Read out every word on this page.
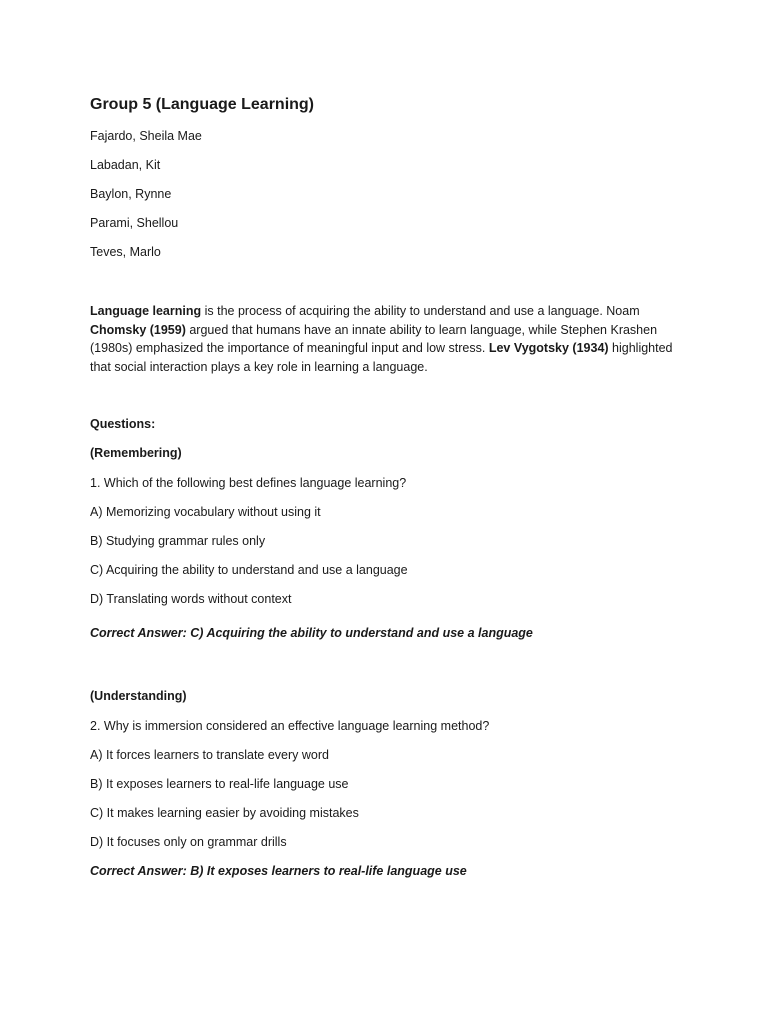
Group 5 (Language Learning)
Fajardo, Sheila Mae
Labadan, Kit
Baylon, Rynne
Parami, Shellou
Teves, Marlo
Language learning is the process of acquiring the ability to understand and use a language. Noam Chomsky (1959) argued that humans have an innate ability to learn language, while Stephen Krashen (1980s) emphasized the importance of meaningful input and low stress. Lev Vygotsky (1934) highlighted that social interaction plays a key role in learning a language.
Questions:
(Remembering)
1. Which of the following best defines language learning?
A) Memorizing vocabulary without using it
B) Studying grammar rules only
C) Acquiring the ability to understand and use a language
D) Translating words without context
Correct Answer: C) Acquiring the ability to understand and use a language
(Understanding)
2. Why is immersion considered an effective language learning method?
A) It forces learners to translate every word
B) It exposes learners to real-life language use
C) It makes learning easier by avoiding mistakes
D) It focuses only on grammar drills
Correct Answer: B) It exposes learners to real-life language use
